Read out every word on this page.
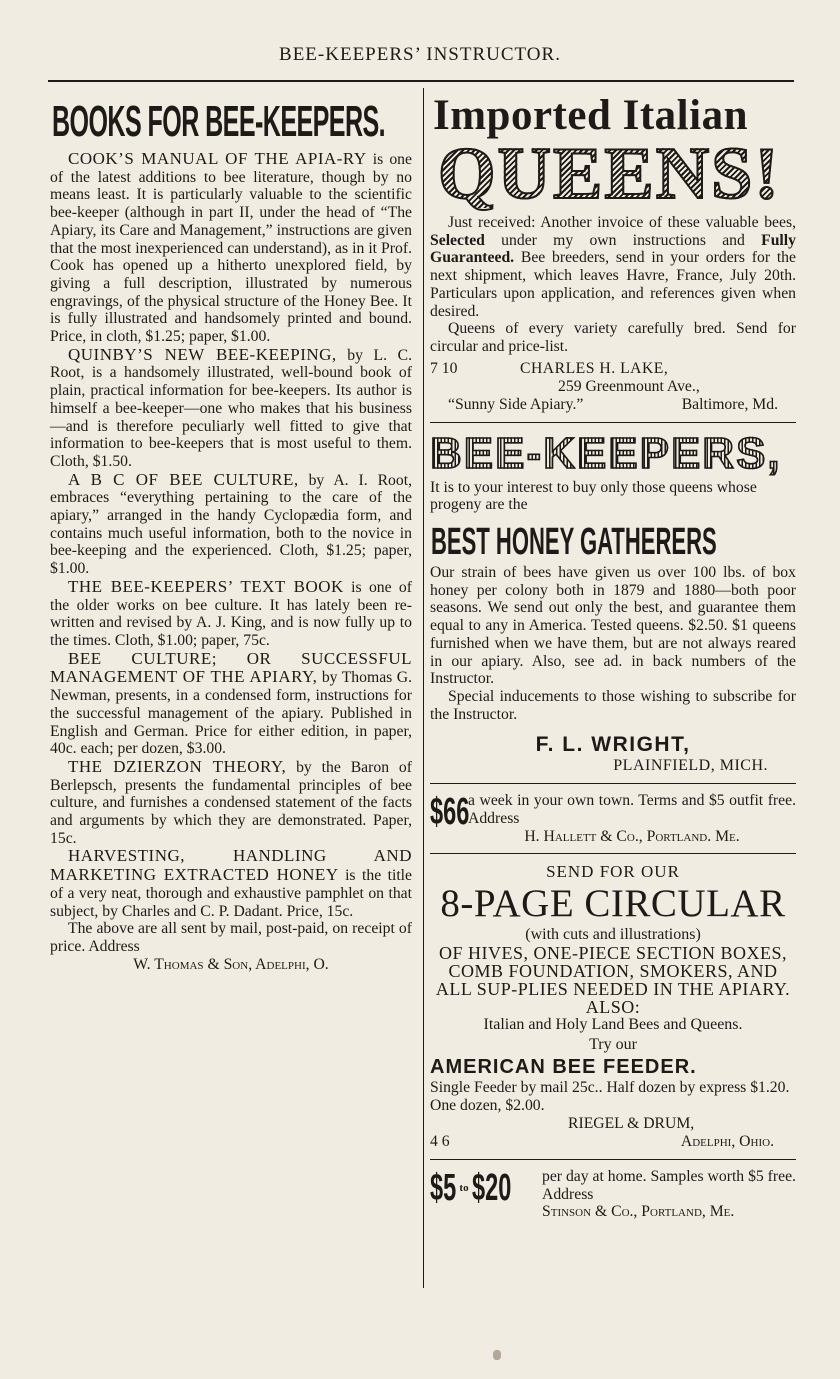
BEE-KEEPERS’ INSTRUCTOR.
BOOKS FOR BEE-KEEPERS.

COOK’S MANUAL OF THE APIA-RY is one of the latest additions to bee literature, though by no means least. It is particularly valuable to the scientific bee-keeper (although in part II, under the head of “The Apiary, its Care and Management,” instructions are given that the most inexperienced can understand), as in it Prof. Cook has opened up a hitherto unexplored field, by giving a full description, illustrated by numerous engravings, of the physical structure of the Honey Bee. It is fully illustrated and handsomely printed and bound. Price, in cloth, $1.25; paper, $1.00.

QUINBY’S NEW BEE-KEEPING, by L. C. Root, is a handsomely illustrated, well-bound book of plain, practical information for bee-keepers. Its author is himself a bee-keeper—one who makes that his business—and is therefore peculiarly well fitted to give that information to bee-keepers that is most useful to them. Cloth, $1.50.

A B C OF BEE CULTURE, by A. I. Root, embraces “everything pertaining to the care of the apiary,” arranged in the handy Cyclopædia form, and contains much useful information, both to the novice in bee-keeping and the experienced. Cloth, $1.25; paper, $1.00.

THE BEE-KEEPERS’ TEXT BOOK is one of the older works on bee culture. It has lately been re-written and revised by A. J. King, and is now fully up to the times. Cloth, $1.00; paper, 75c.

BEE CULTURE; OR SUCCESSFUL MANAGEMENT OF THE APIARY, by Thomas G. Newman, presents, in a condensed form, instructions for the successful management of the apiary. Published in English and German. Price for either edition, in paper, 40c. each; per dozen, $3.00.

THE DZIERZON THEORY, by the Baron of Berlepsch, presents the fundamental principles of bee culture, and furnishes a condensed statement of the facts and arguments by which they are demonstrated. Paper, 15c.

HARVESTING, HANDLING AND MARKETING EXTRACTED HONEY is the title of a very neat, thorough and exhaustive pamphlet on that subject, by Charles and C. P. Dadant. Price, 15c.

The above are all sent by mail, post-paid, on receipt of price. Address

W. Thomas & Son, Adelphi, O.
Imported Italian
QUEENS!

Just received: Another invoice of these valuable bees, Selected under my own instructions and Fully Guaranteed. Bee breeders, send in your orders for the next shipment, which leaves Havre, France, July 20th. Particulars upon application, and references given when desired.

Queens of every variety carefully bred. Send for circular and price-list.

7 10	CHARLES H. LAKE,
259 Greenmount Ave.,
“Sunny Side Apiary.”	Baltimore, Md.
BEE-KEEPERS,

It is to your interest to buy only those queens whose progeny are the

BEST HONEY GATHERERS

Our strain of bees have given us over 100 lbs. of box honey per colony both in 1879 and 1880—both poor seasons. We send out only the best, and guarantee them equal to any in America. Tested queens. $2.50. $1 queens furnished when we have them, but are not always reared in our apiary. Also, see ad. in back numbers of the Instructor.

Special inducements to those wishing to subscribe for the Instructor.

F. L. WRIGHT,
PLAINFIELD, MICH.
$66
a week in your own town. Terms and $5 outfit free. Address
H. Hallett & Co., Portland. Me.
SEND FOR OUR
8-PAGE CIRCULAR
(with cuts and illustrations)
OF HIVES, ONE-PIECE SECTION BOXES, COMB FOUNDATION, SMOKERS, AND ALL SUP-PLIES NEEDED IN THE APIARY. ALSO:
Italian and Holy Land Bees and Queens.
Try our
AMERICAN BEE FEEDER.
Single Feeder by mail 25c.. Half dozen by express $1.20. One dozen, $2.00.
RIEGEL & DRUM,
4 6	Adelphi, Ohio.
$5 to $20 per day at home. Samples worth $5 free. Address
Stinson & Co., Portland, Me.
